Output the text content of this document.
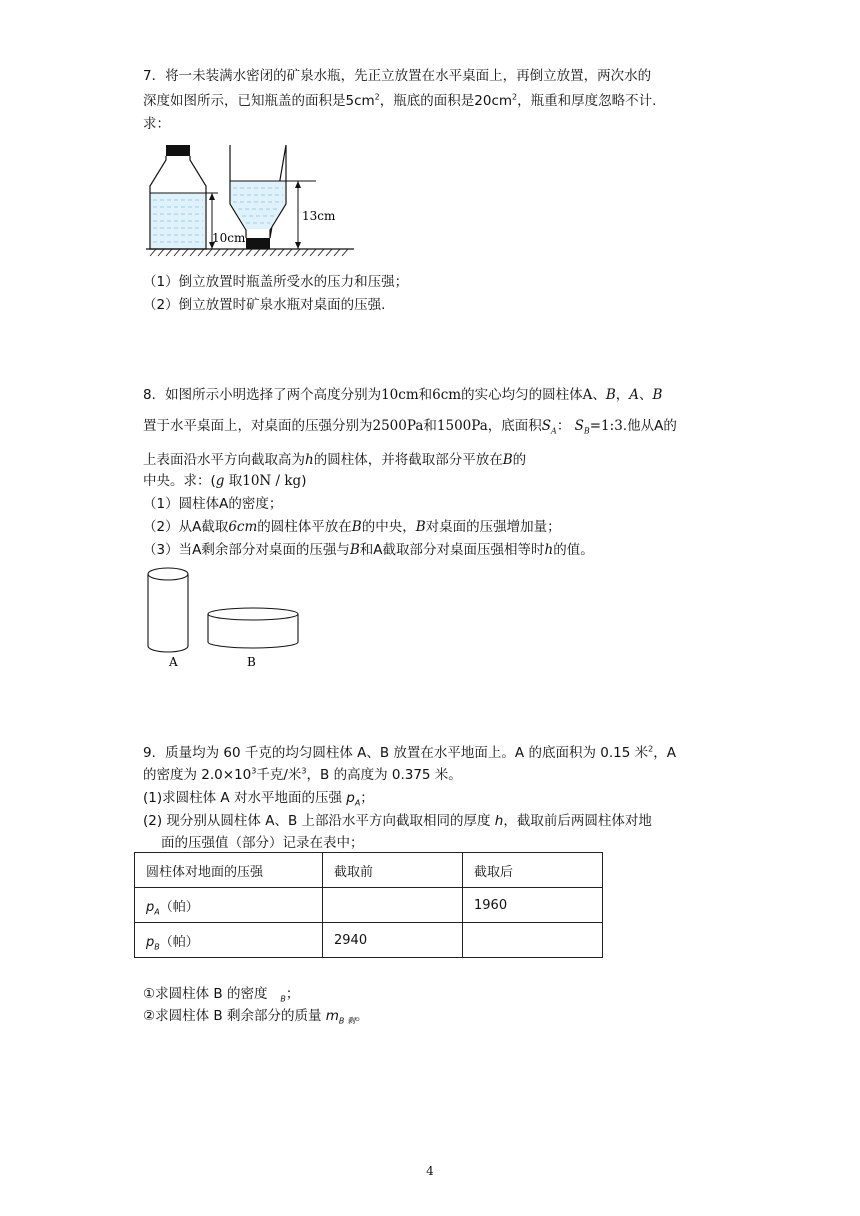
7．将一未装满水密闭的矿泉水瓶，先正立放置在水平桌面上，再倒立放置，两次水的
深度如图所示，已知瓶盖的面积是$5cm^2$，瓶底的面积是$20cm^2$，瓶重和厚度忽略不计.
求：
10cm
13cm
（1）倒立放置时瓶盖所受水的压力和压强；
（2）倒立放置时矿泉水瓶对桌面的压强.
8．如图所示小明选择了两个高度分别为10cm和6cm的实心均匀的圆柱体A、B，A、B
置于水平桌面上，对桌面的压强分别为2500Pa和1500Pa，底面积$S_A$： $S_B=1:3$.他从A的
上表面沿水平方向截取高为h的圆柱体，并将截取部分平放在B的
中央。求：(g 取10N / kg)
（1）圆柱体A的密度；
（2）从A截取6cm的圆柱体平放在B的中央，B对桌面的压强增加量；
（3）当A剩余部分对桌面的压强与B和A截取部分对桌面压强相等时h的值。
A	B
9．质量均为 60 千克的均匀圆柱体 A、B 放置在水平地面上。A 的底面积为 0.15 米$^2$，A
的密度为 $2.0\times 10^3$千克/米$^3$，B 的高度为 0.375 米。
(1)求圆柱体 A 对水平地面的压强 $p_A$；
(2) 现分别从圆柱体 A、B 上部沿水平方向截取相同的厚度 h，截取前后两圆柱体对地
面的压强值（部分）记录在表中；
圆柱体对地面的压强	截取前	截取后
$p_A$（帕）		1960
$p_B$（帕）	2940	
①求圆柱体 B 的密度   $_B$；
②求圆柱体 B 剩余部分的质量 $m_{B 剩}$。
4
